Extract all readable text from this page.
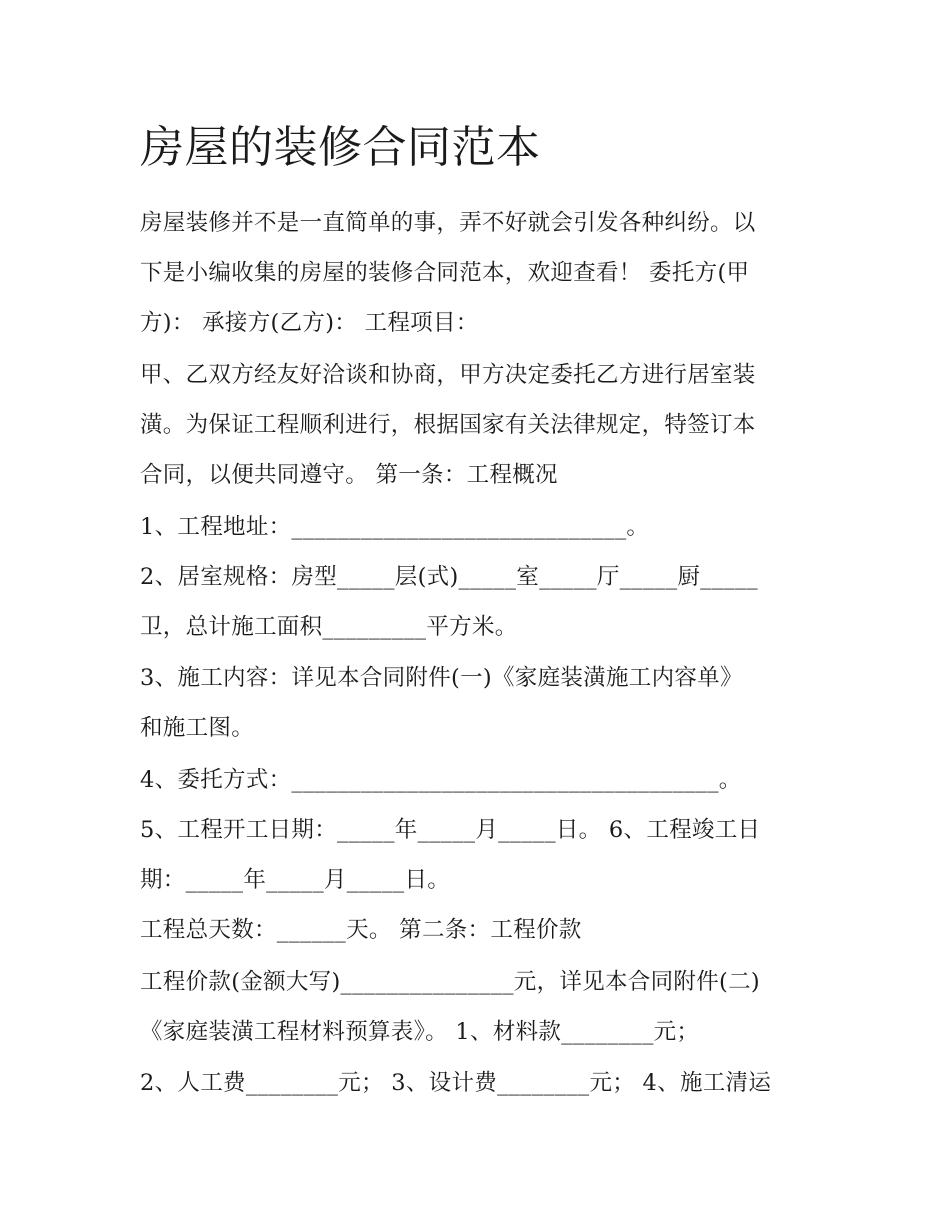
房屋的装修合同范本
房屋装修并不是一直简单的事，弄不好就会引发各种纠纷。以
下是小编收集的房屋的装修合同范本，欢迎查看！ 委托方(甲
方)： 承接方(乙方)： 工程项目：
甲、乙双方经友好洽谈和协商，甲方决定委托乙方进行居室装
潢。为保证工程顺利进行，根据国家有关法律规定，特签订本
合同，以便共同遵守。 第一条：工程概况
1、工程地址：_____________________________。
2、居室规格：房型_____层(式)_____室_____厅_____厨_____
卫，总计施工面积_________平方米。
3、施工内容：详见本合同附件(一)《家庭装潢施工内容单》
和施工图。
4、委托方式：_____________________________________。
5、工程开工日期：_____年_____月_____日。 6、工程竣工日
期：_____年_____月_____日。
工程总天数：______天。 第二条：工程价款
工程价款(金额大写)_______________元，详见本合同附件(二)
《家庭装潢工程材料预算表》。 1、材料款________元；
2、人工费________元； 3、设计费________元； 4、施工清运
